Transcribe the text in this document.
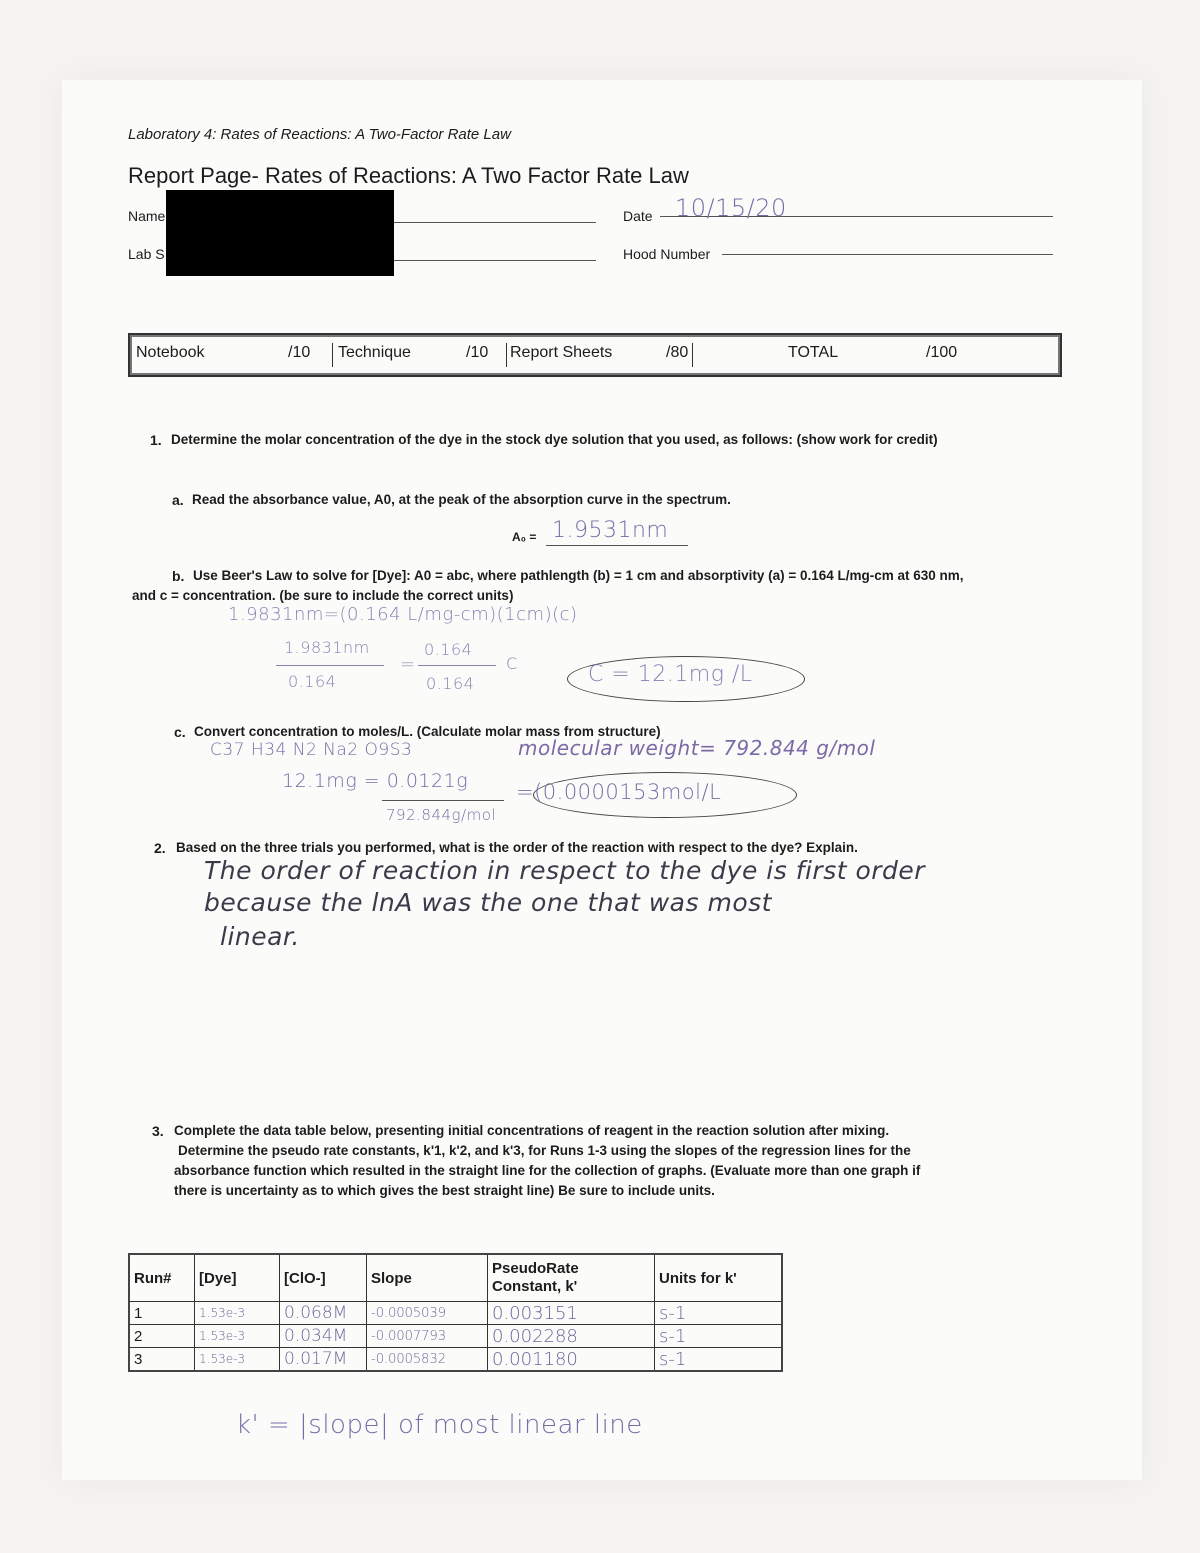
Laboratory 4: Rates of Reactions: A Two-Factor Rate Law
Report Page- Rates of Reactions: A Two Factor Rate Law
Name
Lab S
Date 10/15/20
Hood Number
Notebook	/10 Technique	/10 Report Sheets	/80	TOTAL	/100
1. Determine the molar concentration of the dye in the stock dye solution that you used, as follows: (show work for credit)
a. Read the absorbance value, A0, at the peak of the absorption curve in the spectrum.
A₀ = 1.9531nm
b. Use Beer's Law to solve for [Dye]: A0 = abc, where pathlength (b) = 1 cm and absorptivity (a) = 0.164 L/mg-cm at 630 nm,
and c = concentration. (be sure to include the correct units)
1.9831nm=(0.164 L/mg-cm)(1cm)(c)
1.9831nm
0.164
=
0.164
0.164
C	C = 12.1mg /L
c. Convert concentration to moles/L. (Calculate molar mass from structure)
C37 H34 N2 Na2 O9S3	molecular weight= 792.844 g/mol
12.1mg = 0.0121g
792.844g/mol
=(0.0000153mol/L
2. Based on the three trials you performed, what is the order of the reaction with respect to the dye? Explain.
The order of reaction in respect to the dye is first order
because the lnA was the one that was most
linear.
3. Complete the data table below, presenting initial concentrations of reagent in the reaction solution after mixing.
Determine the pseudo rate constants, k'1, k'2, and k'3, for Runs 1-3 using the slopes of the regression lines for the
absorbance function which resulted in the straight line for the collection of graphs. (Evaluate more than one graph if
there is uncertainty as to which gives the best straight line) Be sure to include units.
Run#	[Dye]	[ClO-]	Slope	PseudoRate Constant, k'	Units for k'
1	1.53e-3	0.068M	-0.0005039	0.003151	s-1
2	1.53e-3	0.034M	-0.0007793	0.002288	s-1
3	1.53e-3	0.017M	-0.0005832	0.001180	s-1
k' = |slope| of most linear line
